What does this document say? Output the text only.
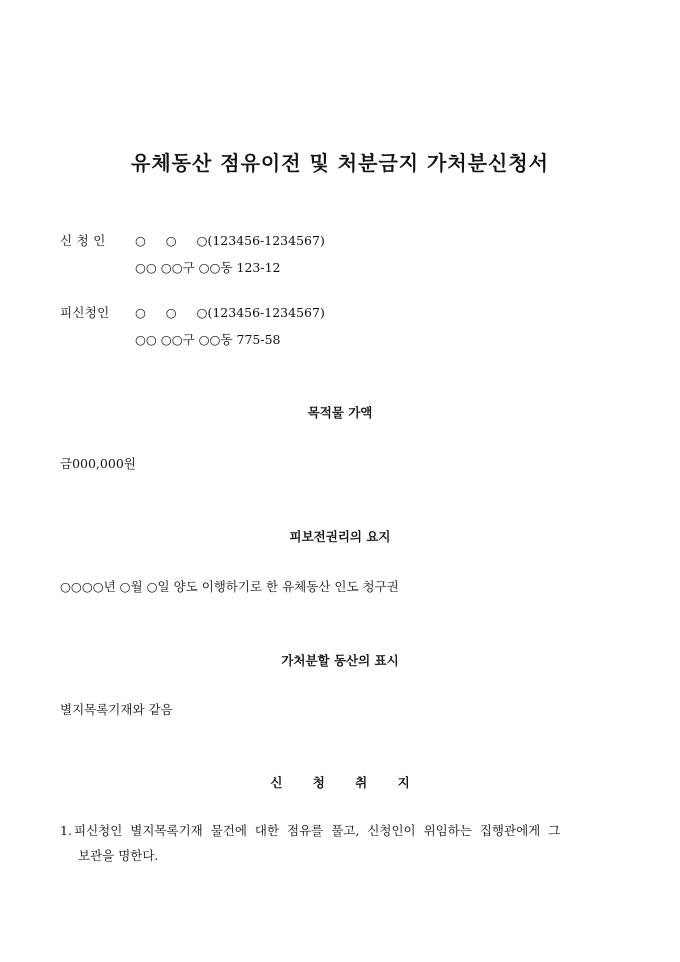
유체동산 점유이전 및 처분금지 가처분신청서
신 청 인 ○     ○     ○(123456-1234567)
○○ ○○구 ○○동 123-12
피신청인 ○     ○     ○(123456-1234567)
○○ ○○구 ○○동 775-58
목적물 가액
금000,000원
피보전권리의 요지
○○○○년 ○월 ○일 양도 이행하기로 한 유체동산 인도 청구권
가처분할 동산의 표시
별지목록기재와 같음
신 청 취 지
1. 피신청인 별지목록기재 물건에 대한 점유를 풀고, 신청인이 위임하는 집행관에게 그
보관을 명한다.
